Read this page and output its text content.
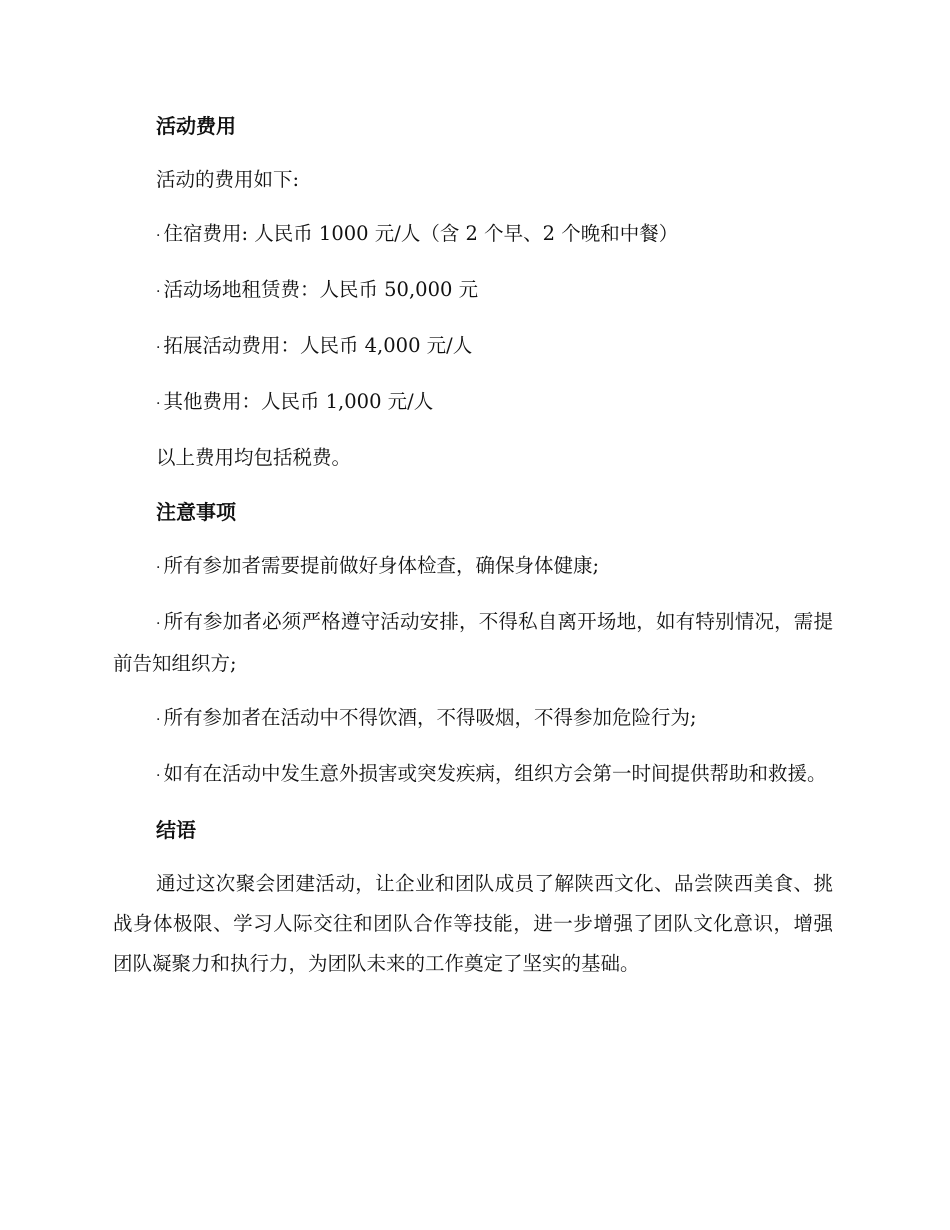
活动费用

活动的费用如下:

· 住宿费用: 人民币 1000 元/人（含 2 个早、2 个晚和中餐）

· 活动场地租赁费：人民币 50,000 元

· 拓展活动费用：人民币 4,000 元/人

· 其他费用：人民币 1,000 元/人

以上费用均包括税费。

注意事项

· 所有参加者需要提前做好身体检查，确保身体健康;

· 所有参加者必须严格遵守活动安排，不得私自离开场地，如有特别情况，需提前告知组织方;

· 所有参加者在活动中不得饮酒，不得吸烟，不得参加危险行为;

· 如有在活动中发生意外损害或突发疾病，组织方会第一时间提供帮助和救援。

结语

通过这次聚会团建活动，让企业和团队成员了解陕西文化、品尝陕西美食、挑战身体极限、学习人际交往和团队合作等技能，进一步增强了团队文化意识，增强团队凝聚力和执行力，为团队未来的工作奠定了坚实的基础。
